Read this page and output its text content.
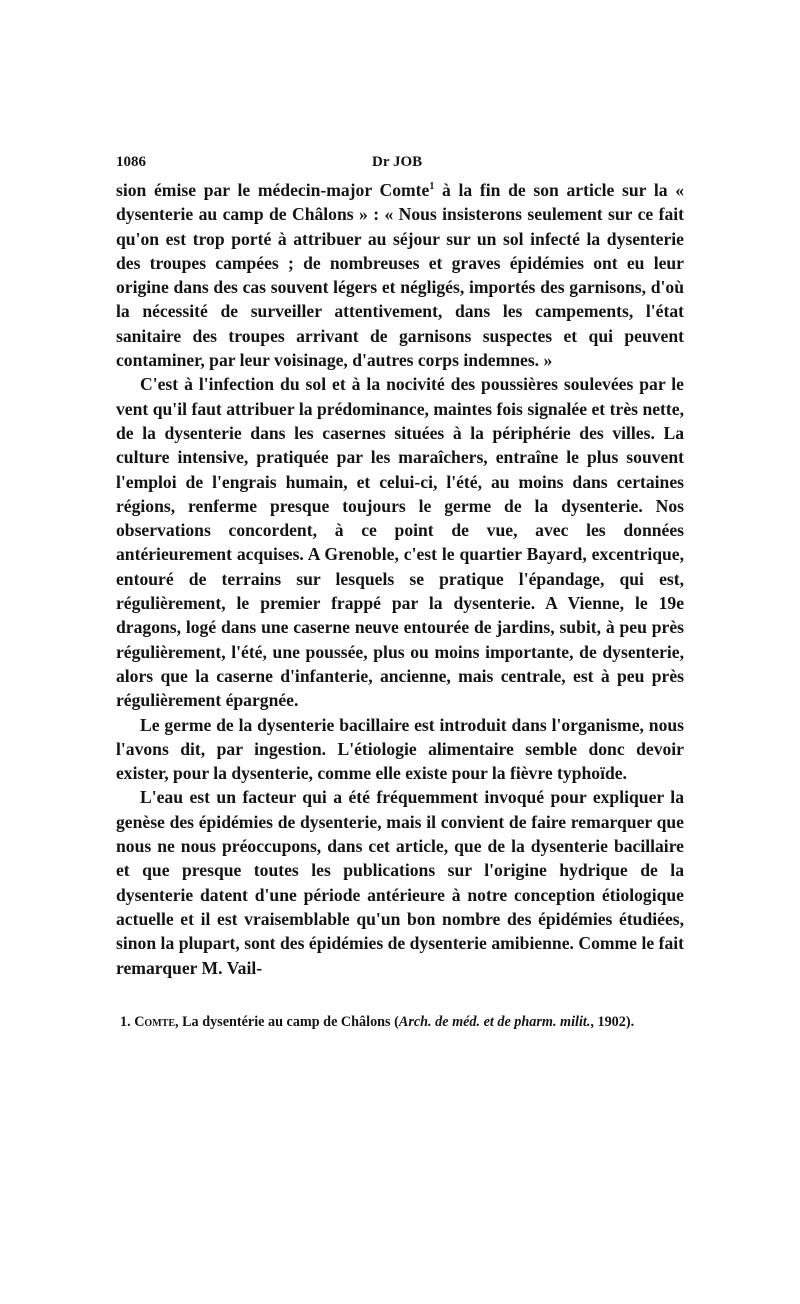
1086	Dr JOB

sion émise par le médecin-major Comte$^1$ à la fin de son article sur la « dysenterie au camp de Châlons » : « Nous insisterons seulement sur ce fait qu'on est trop porté à attribuer au séjour sur un sol infecté la dysenterie des troupes campées ; de nombreuses et graves épidémies ont eu leur origine dans des cas souvent légers et négligés, importés des garnisons, d'où la nécessité de surveiller attentivement, dans les campements, l'état sanitaire des troupes arrivant de garnisons suspectes et qui peuvent contaminer, par leur voisinage, d'autres corps indemnes. »

C'est à l'infection du sol et à la nocivité des poussières soulevées par le vent qu'il faut attribuer la prédominance, maintes fois signalée et très nette, de la dysenterie dans les casernes situées à la périphérie des villes. La culture intensive, pratiquée par les maraîchers, entraîne le plus souvent l'emploi de l'engrais humain, et celui-ci, l'été, au moins dans certaines régions, renferme presque toujours le germe de la dysenterie. Nos observations concordent, à ce point de vue, avec les données antérieurement acquises. A Grenoble, c'est le quartier Bayard, excentrique, entouré de terrains sur lesquels se pratique l'épandage, qui est, régulièrement, le premier frappé par la dysenterie. A Vienne, le 19e dragons, logé dans une caserne neuve entourée de jardins, subit, à peu près régulièrement, l'été, une poussée, plus ou moins importante, de dysenterie, alors que la caserne d'infanterie, ancienne, mais centrale, est à peu près régulièrement épargnée.

Le germe de la dysenterie bacillaire est introduit dans l'organisme, nous l'avons dit, par ingestion. L'étiologie alimentaire semble donc devoir exister, pour la dysenterie, comme elle existe pour la fièvre typhoïde.

L'eau est un facteur qui a été fréquemment invoqué pour expliquer la genèse des épidémies de dysenterie, mais il convient de faire remarquer que nous ne nous préoccupons, dans cet article, que de la dysenterie bacillaire et que presque toutes les publications sur l'origine hydrique de la dysenterie datent d'une période antérieure à notre conception étiologique actuelle et il est vraisemblable qu'un bon nombre des épidémies étudiées, sinon la plupart, sont des épidémies de dysenterie amibienne. Comme le fait remarquer M. Vail-

1. Comte, La dysentérie au camp de Châlons (Arch. de méd. et de pharm. milit., 1902).
